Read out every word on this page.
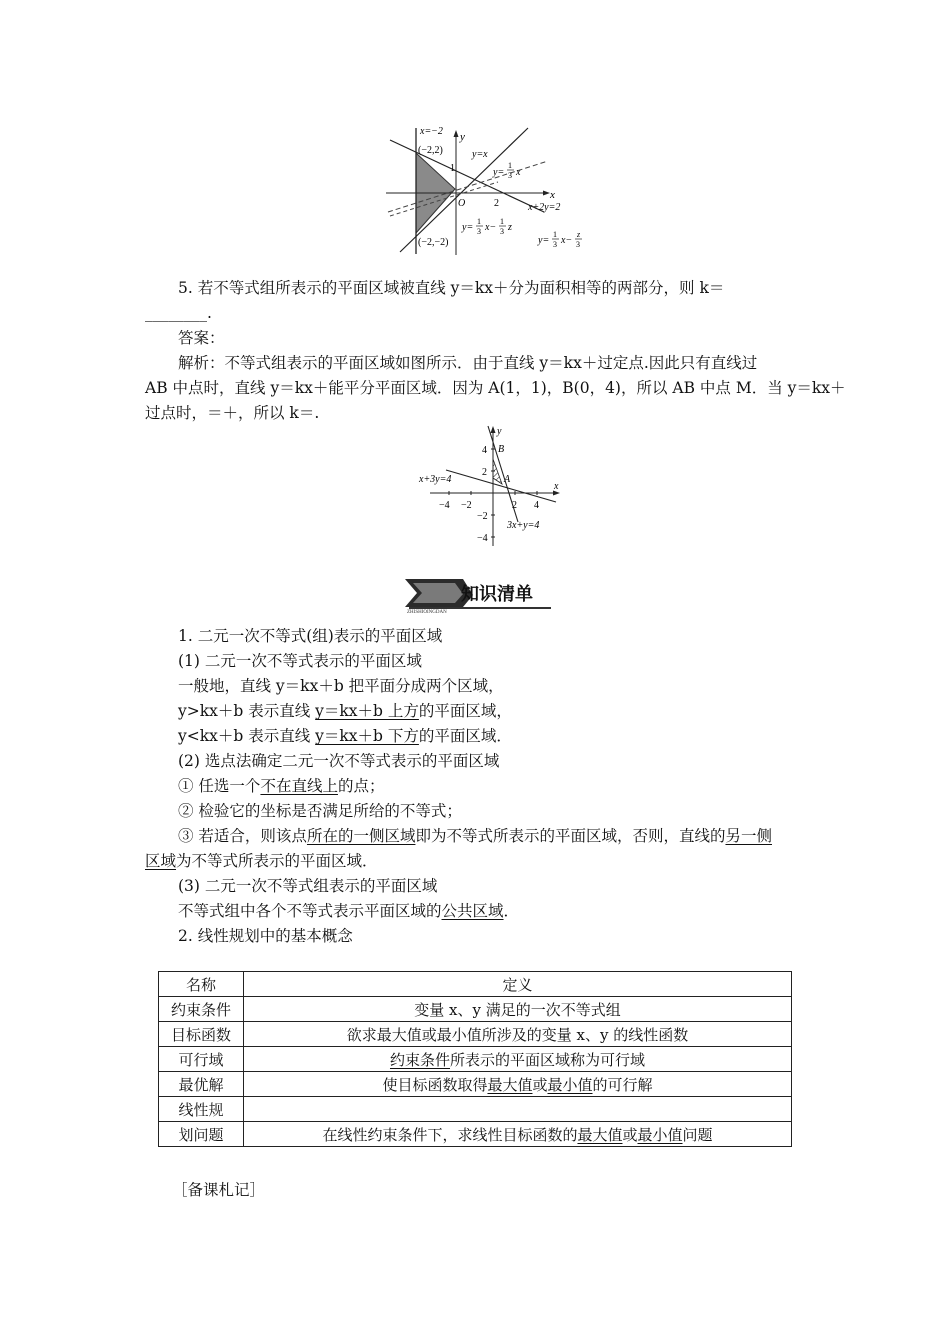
x=−2 y
(−2,2)	y=x
y=
1
3 x
1
x
O	2	x+2y=2
y=
1
3 x−
1
3 z
y=
1
3 x−
z
3
(−2,−2)
5. 若不等式组所表示的平面区域被直线 y＝kx＋分为面积相等的两部分，则 k＝
________.
答案：
解析：不等式组表示的平面区域如图所示．由于直线 y＝kx＋过定点.因此只有直线过
AB 中点时，直线 y＝kx＋能平分平面区域．因为 A(1，1)，B(0，4)，所以 AB 中点 M．当 y＝kx＋
过点时，＝＋，所以 k＝.
y
B
4
2
A
x+3y=4
x
−4 −2	2 4
−2
−4
3x+y=4
知识清单
ZHISHIQINGDAN
1. 二元一次不等式(组)表示的平面区域
(1) 二元一次不等式表示的平面区域
一般地，直线 y＝kx＋b 把平面分成两个区域，
y>kx＋b 表示直线 y＝kx＋b 上方的平面区域，
y<kx＋b 表示直线 y＝kx＋b 下方的平面区域．
(2) 选点法确定二元一次不等式表示的平面区域
① 任选一个不在直线上的点；
② 检验它的坐标是否满足所给的不等式；
③ 若适合，则该点所在的一侧区域即为不等式所表示的平面区域，否则，直线的另一侧
区域为不等式所表示的平面区域．
(3) 二元一次不等式组表示的平面区域
不等式组中各个不等式表示平面区域的公共区域．
2. 线性规划中的基本概念
名称	定义
约束条件	变量 x、y 满足的一次不等式组
目标函数	欲求最大值或最小值所涉及的变量 x、y 的线性函数
可行域	约束条件所表示的平面区域称为可行域
最优解	使目标函数取得最大值或最小值的可行解
线性规	
划问题	在线性约束条件下，求线性目标函数的最大值或最小值问题
［备课札记］
